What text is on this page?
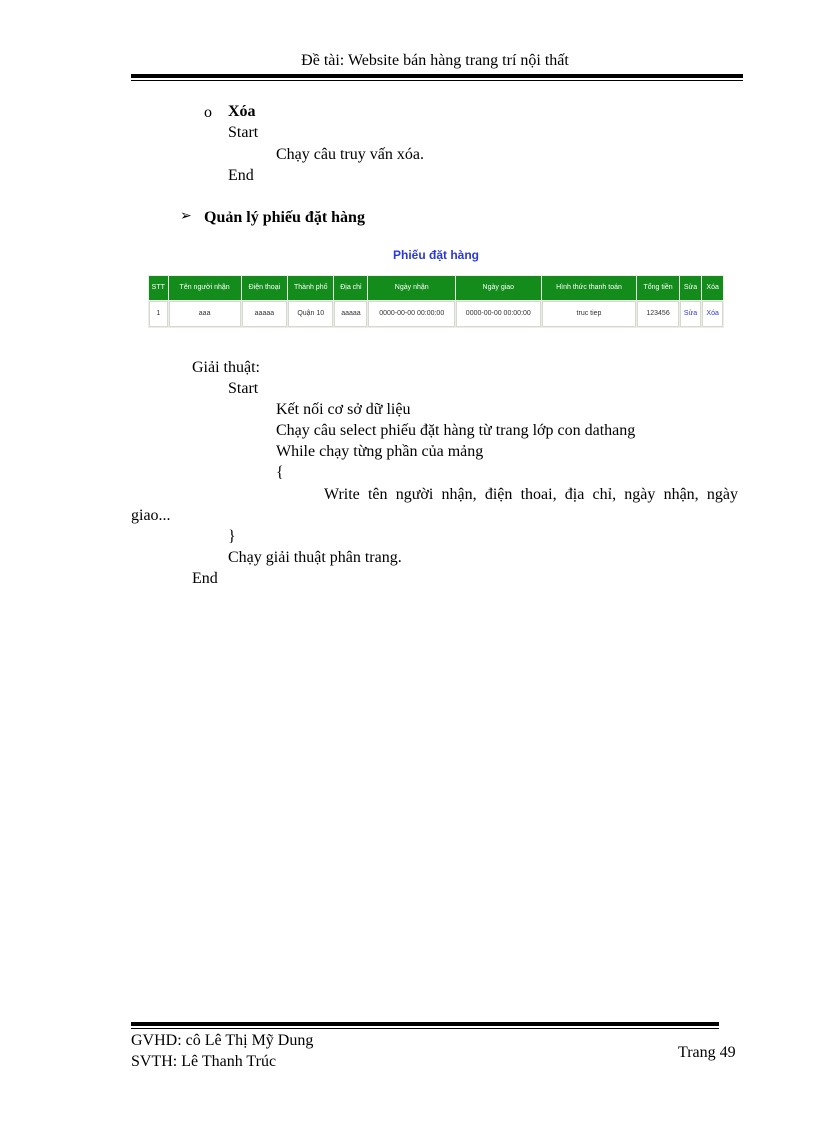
Đề tài: Website bán hàng trang trí nội thất
o Xóa
Start
Chạy câu truy vấn xóa.
End
➢ Quản lý phiếu đặt hàng
Phiếu đặt hàng
STT	Tên người nhận	Điện thoại	Thành phố	Địa chỉ	Ngày nhận	Ngày giao	Hình thức thanh toán	Tổng tiền	Sửa	Xóa
1	aaa	aaaaa	Quận 10	aaaaa	0000-00-00 00:00:00	0000-00-00 00:00:00	truc tiep	123456	Sửa	Xóa
Giải thuật:
Start
Kết nối cơ sở dữ liệu
Chạy câu select phiếu đặt hàng từ trang lớp con dathang
While chạy từng phần của mảng
{
Write tên người nhận, điện thoai, địa chỉ, ngày nhận, ngày
giao...
}
Chạy giải thuật phân trang.
End
GVHD: cô Lê Thị Mỹ Dung
SVTH: Lê Thanh Trúc
Trang 49
